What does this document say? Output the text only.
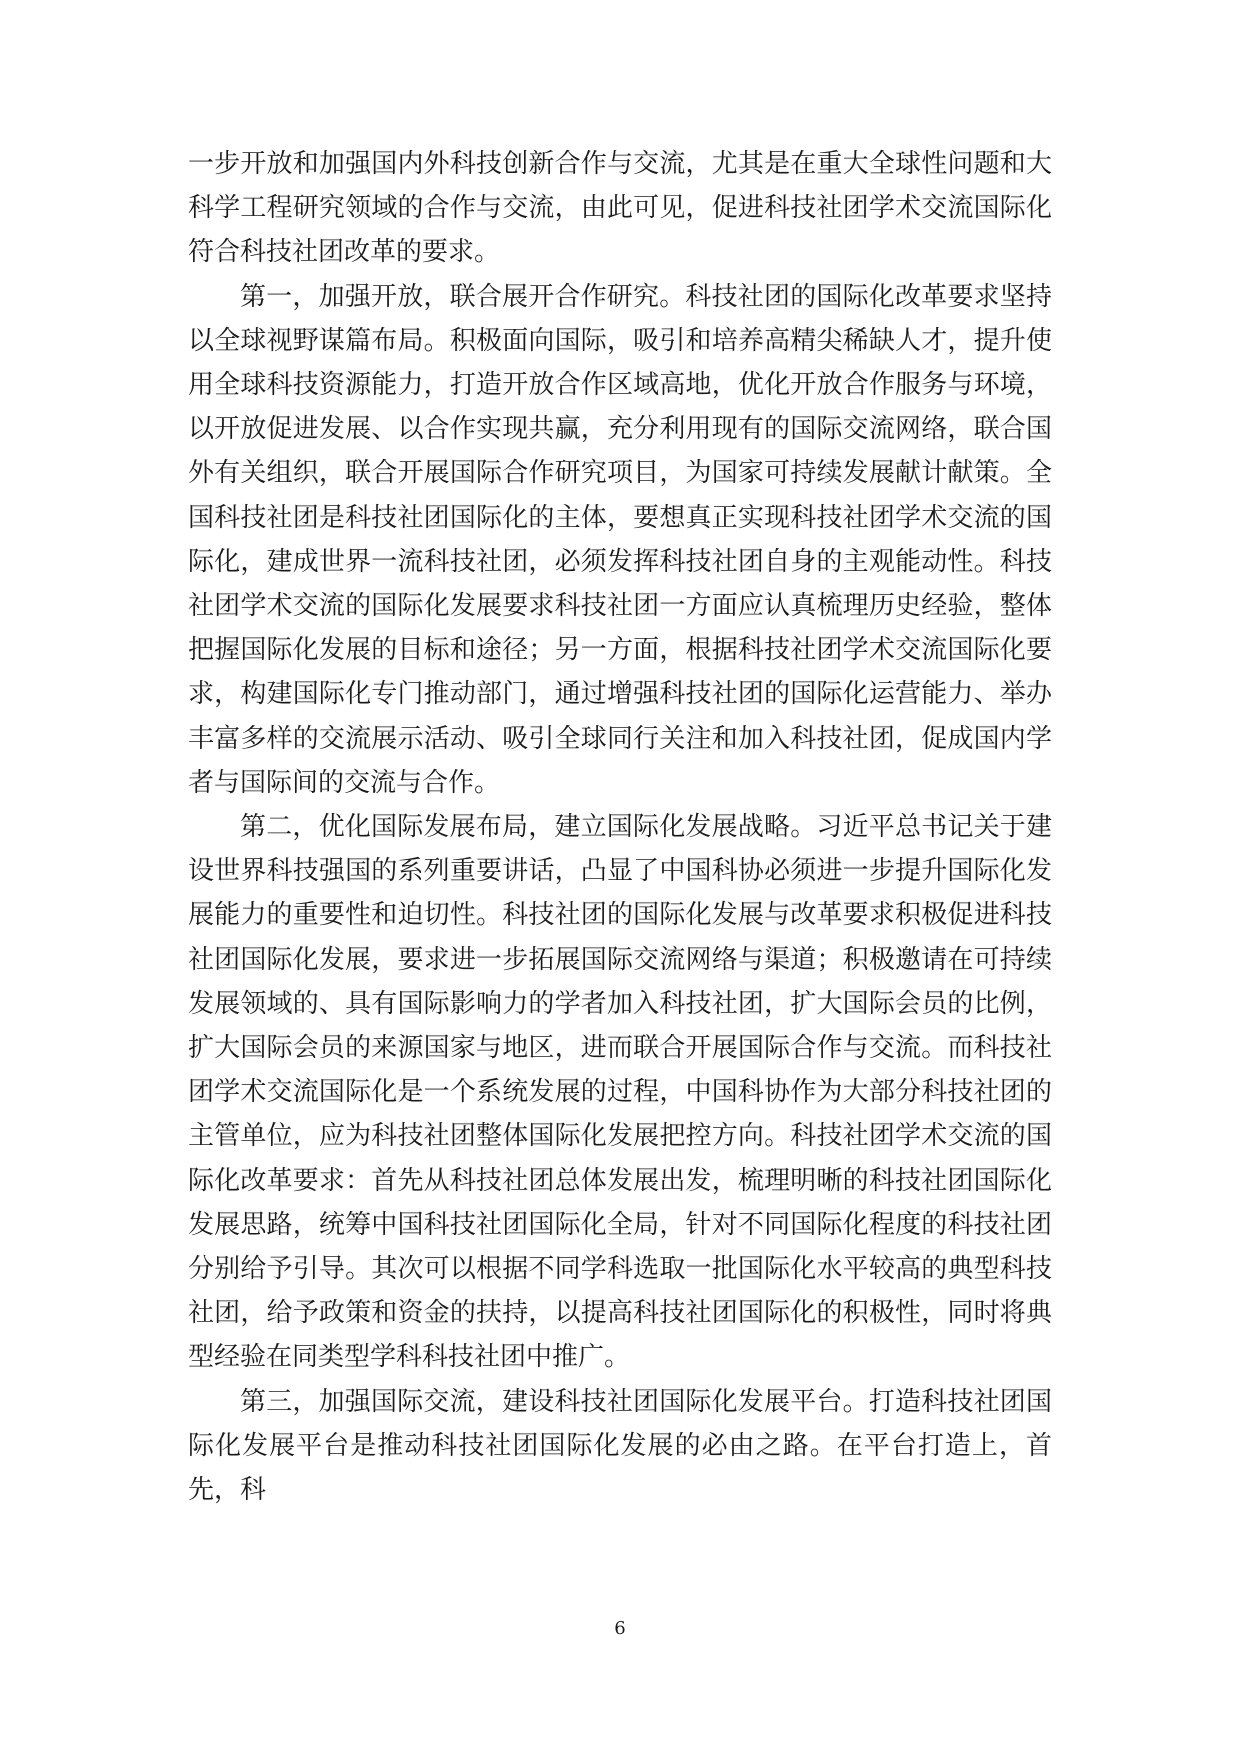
一步开放和加强国内外科技创新合作与交流，尤其是在重大全球性问题和大科学工程研究领域的合作与交流，由此可见，促进科技社团学术交流国际化符合科技社团改革的要求。

第一，加强开放，联合展开合作研究。科技社团的国际化改革要求坚持以全球视野谋篇布局。积极面向国际，吸引和培养高精尖稀缺人才，提升使用全球科技资源能力，打造开放合作区域高地，优化开放合作服务与环境，以开放促进发展、以合作实现共赢，充分利用现有的国际交流网络，联合国外有关组织，联合开展国际合作研究项目，为国家可持续发展献计献策。全国科技社团是科技社团国际化的主体，要想真正实现科技社团学术交流的国际化，建成世界一流科技社团，必须发挥科技社团自身的主观能动性。科技社团学术交流的国际化发展要求科技社团一方面应认真梳理历史经验，整体把握国际化发展的目标和途径；另一方面，根据科技社团学术交流国际化要求，构建国际化专门推动部门，通过增强科技社团的国际化运营能力、举办丰富多样的交流展示活动、吸引全球同行关注和加入科技社团，促成国内学者与国际间的交流与合作。

第二，优化国际发展布局，建立国际化发展战略。习近平总书记关于建设世界科技强国的系列重要讲话，凸显了中国科协必须进一步提升国际化发展能力的重要性和迫切性。科技社团的国际化发展与改革要求积极促进科技社团国际化发展，要求进一步拓展国际交流网络与渠道；积极邀请在可持续发展领域的、具有国际影响力的学者加入科技社团，扩大国际会员的比例，扩大国际会员的来源国家与地区，进而联合开展国际合作与交流。而科技社团学术交流国际化是一个系统发展的过程，中国科协作为大部分科技社团的主管单位，应为科技社团整体国际化发展把控方向。科技社团学术交流的国际化改革要求：首先从科技社团总体发展出发，梳理明晰的科技社团国际化发展思路，统筹中国科技社团国际化全局，针对不同国际化程度的科技社团分别给予引导。其次可以根据不同学科选取一批国际化水平较高的典型科技社团，给予政策和资金的扶持，以提高科技社团国际化的积极性，同时将典型经验在同类型学科科技社团中推广。

第三，加强国际交流，建设科技社团国际化发展平台。打造科技社团国际化发展平台是推动科技社团国际化发展的必由之路。在平台打造上，首先，科

6
